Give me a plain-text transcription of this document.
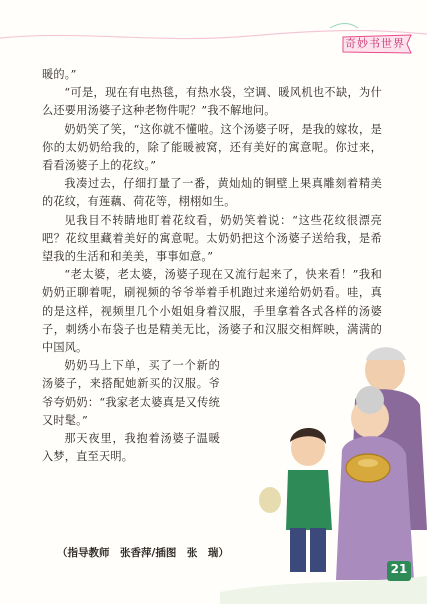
奇妙书世界

暖的。”

“可是，现在有电热毯，有热水袋，空调、暖风机也不缺，为什么还要用汤婆子这种老物件呢？”我不解地问。

奶奶笑了笑，“这你就不懂啦。这个汤婆子呀，是我的嫁妆，是你的太奶奶给我的，除了能暖被窝，还有美好的寓意呢。你过来，看看汤婆子上的花纹。”

我凑过去，仔细打量了一番，黄灿灿的铜壁上果真雕刻着精美的花纹，有莲藕、荷花等，栩栩如生。

见我目不转睛地盯着花纹看，奶奶笑着说：“这些花纹很漂亮吧？花纹里藏着美好的寓意呢。太奶奶把这个汤婆子送给我，是希望我的生活和和美美，事事如意。”

“老太婆，老太婆，汤婆子现在又流行起来了，快来看！”我和奶奶正聊着呢，刷视频的爷爷举着手机跑过来递给奶奶看。哇，真的是这样，视频里几个小姐姐身着汉服，手里拿着各式各样的汤婆子，刺绣小布袋子也是精美无比，汤婆子和汉服交相辉映，满满的中国风。

奶奶马上下单，买了一个新的汤婆子，来搭配她新买的汉服。爷爷夸奶奶：“我家老太婆真是又传统又时髦。”

那天夜里，我抱着汤婆子温暖入梦，直至天明。

（指导教师　张香萍/插图　张　瑞）
21
